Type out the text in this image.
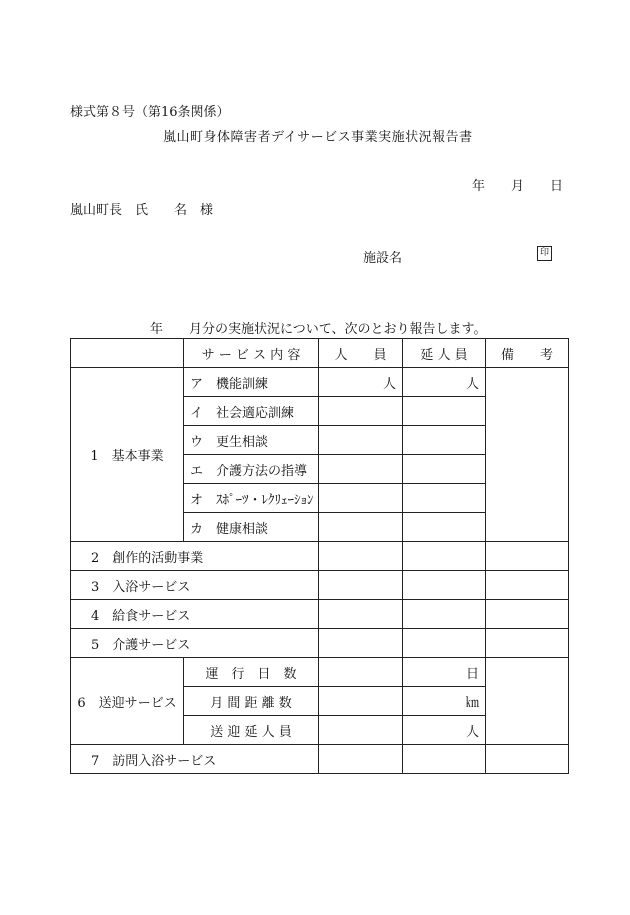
様式第８号（第16条関係）
嵐山町身体障害者デイサービス事業実施状況報告書
年 月 日
嵐山町長　氏　　名　様
施設名	印
年　　月分の実施状況について、次のとおり報告します。
	サ ー ビ ス 内 容	人　　員	延 人 員	備　　考
1　基本事業	ア　機能訓練	人	人	
	イ　社会適応訓練			
	ウ　更生相談			
	エ　介護方法の指導			
	オ　ｽﾎﾟｰﾂ・ﾚｸﾘｪｰｼｮﾝ			
	カ　健康相談			
2　創作的活動事業				
3　入浴サービス				
4　給食サービス				
5　介護サービス				
6　送迎サービス	運　行　日　数		日	
	月 間 距 離 数		㎞	
	送 迎 延 人 員		人	
7　訪問入浴サービス				
